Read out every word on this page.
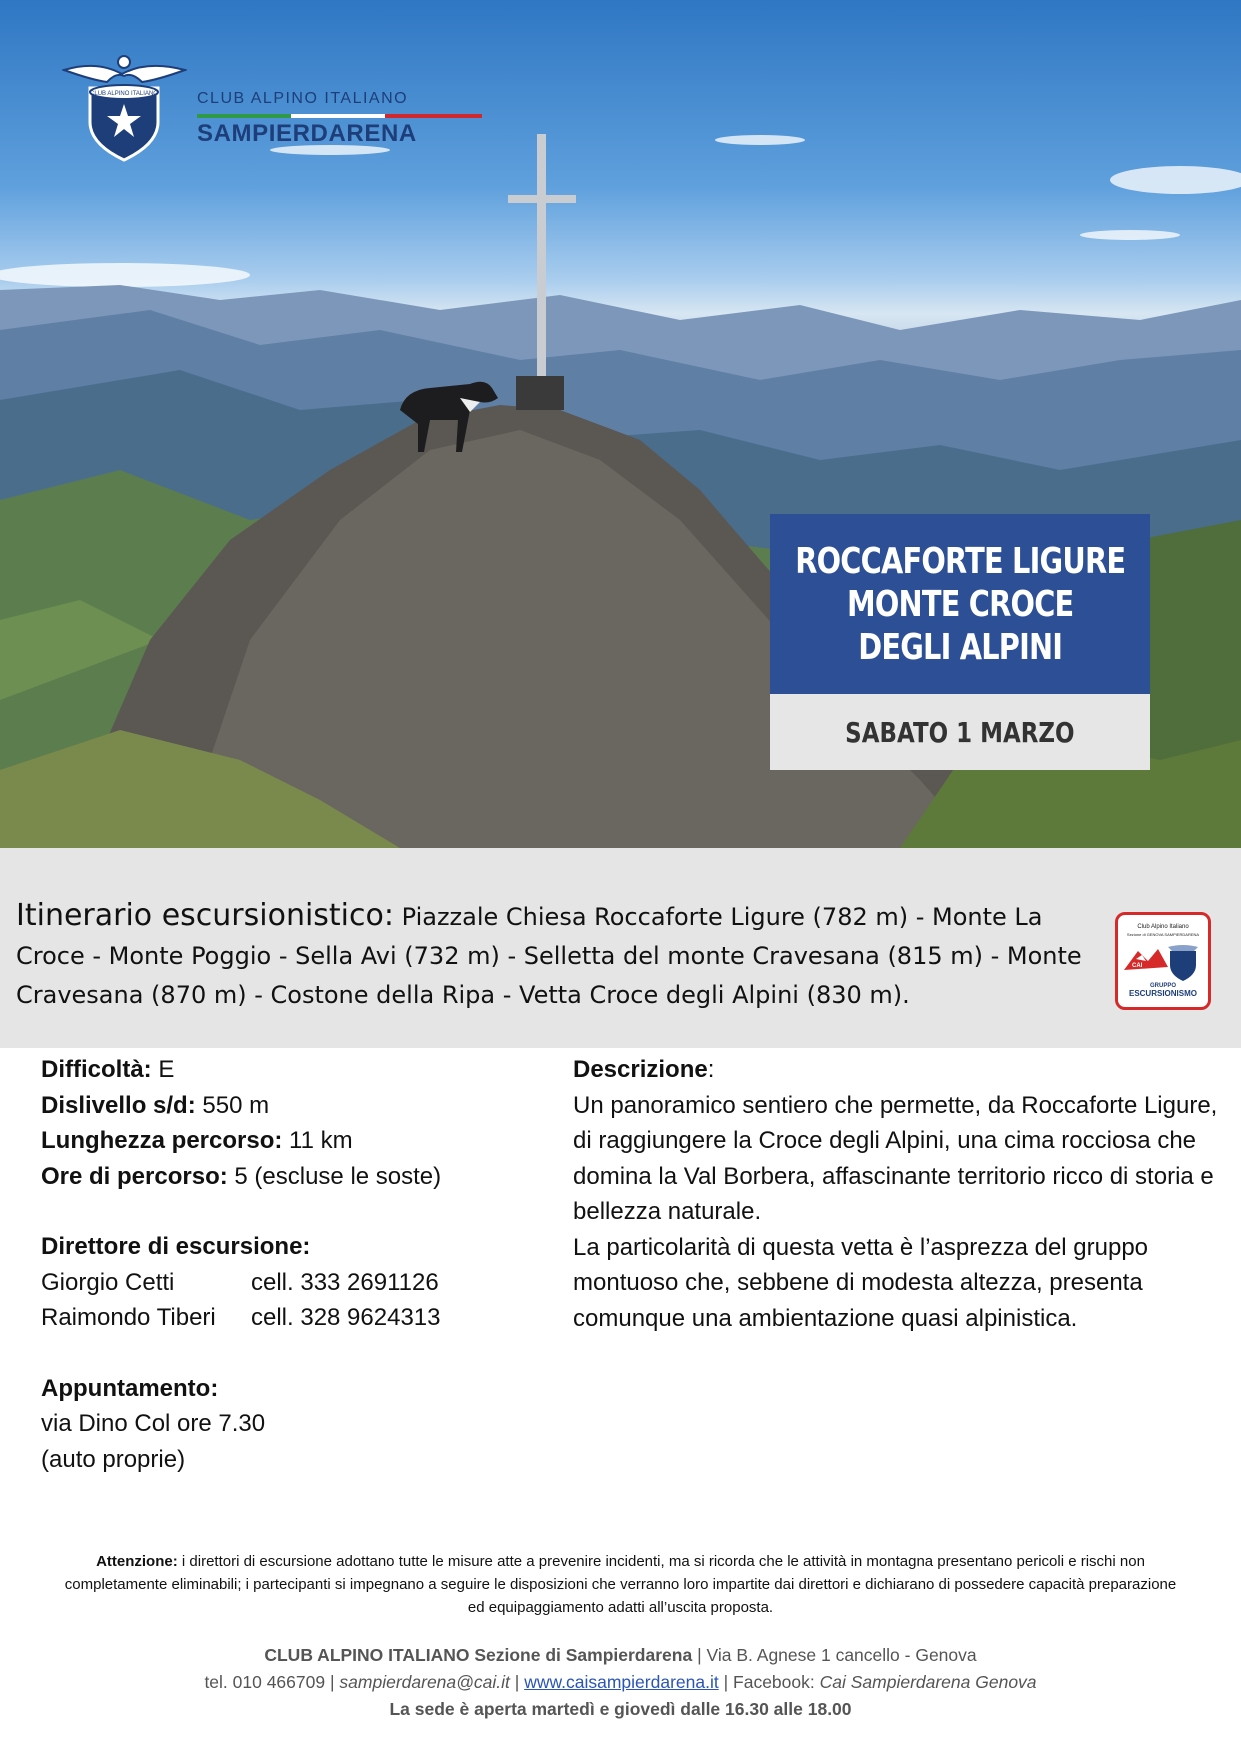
CLUB ALPINO ITALIANO CLUB ALPINO ITALIANO
SAMPIERDARENA
ROCCAFORTE LIGURE
MONTE CROCE
DEGLI ALPINI
SABATO 1 MARZO
Itinerario escursionistico: Piazzale Chiesa Roccaforte Ligure (782 m) - Monte La Croce - Monte Poggio - Sella Avi (732 m) - Selletta del monte Cravesana (815 m) - Monte Cravesana (870 m) - Costone della Ripa - Vetta Croce degli Alpini (830 m).
Club Alpino Italiano
Sezione di GENOVA SAMPIERDARENA
CAI
GRUPPO
ESCURSIONISMO
Difficoltà: E
Dislivello s/d: 550 m
Lunghezza percorso: 11 km
Ore di percorso: 5 (escluse le soste)
Direttore di escursione:
Giorgio Cetti	cell. 333 2691126
Raimondo Tiberi cell. 328 9624313
Appuntamento:
via Dino Col ore 7.30
(auto proprie)
Descrizione:
Un panoramico sentiero che permette, da Roccaforte Ligure, di raggiungere la Croce degli Alpini, una cima rocciosa che domina la Val Borbera, affascinante territorio ricco di storia e bellezza naturale.
La particolarità di questa vetta è l’asprezza del gruppo montuoso che, sebbene di modesta altezza, presenta comunque una ambientazione quasi alpinistica.
Attenzione: i direttori di escursione adottano tutte le misure atte a prevenire incidenti, ma si ricorda che le attività in montagna presentano pericoli e rischi non completamente eliminabili; i partecipanti si impegnano a seguire le disposizioni che verranno loro impartite dai direttori e dichiarano di possedere capacità preparazione ed equipaggiamento adatti all’uscita proposta.
CLUB ALPINO ITALIANO Sezione di Sampierdarena | Via B. Agnese 1 cancello - Genova
tel. 010 466709 | sampierdarena@cai.it | www.caisampierdarena.it | Facebook: Cai Sampierdarena Genova
La sede è aperta martedì e giovedì dalle 16.30 alle 18.00
